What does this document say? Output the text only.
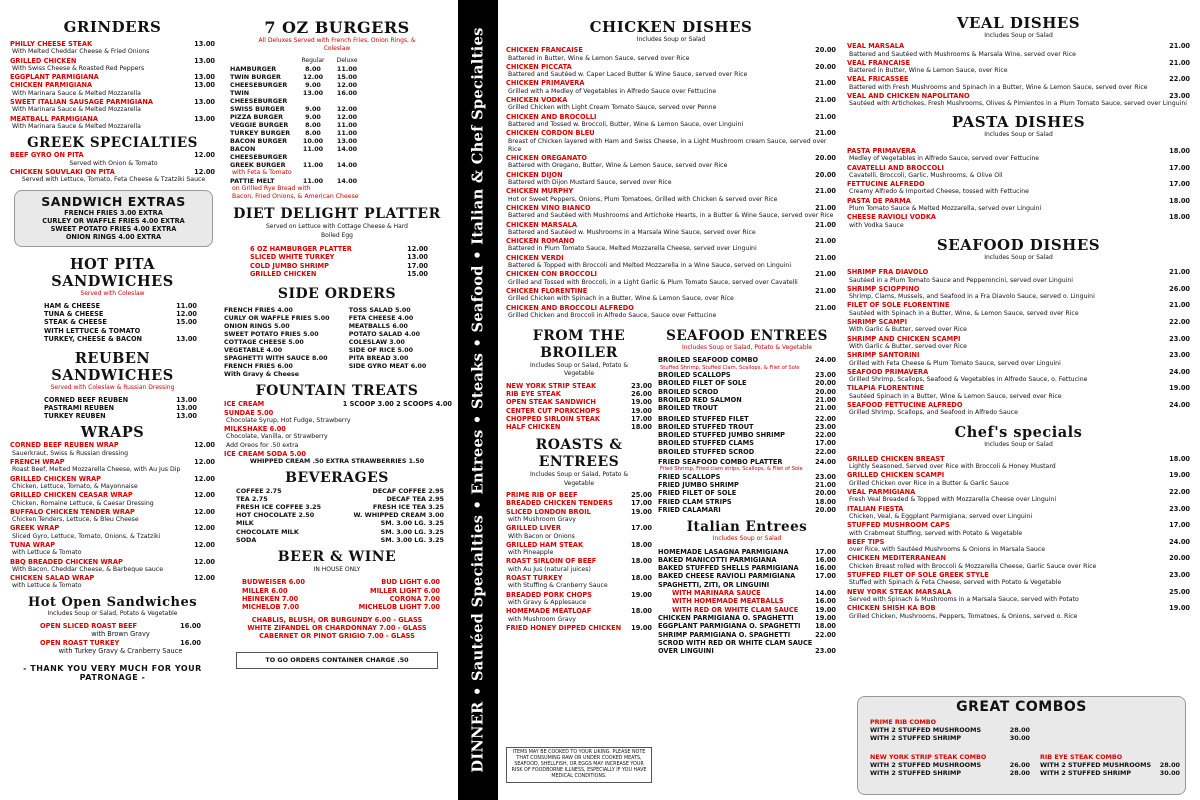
GRINDERS
PHILLY CHEESE STEAK	13.00
With Melted Cheddar Cheese & Fried Onions
GRILLED CHICKEN	13.00
With Swiss Cheese & Roasted Red Peppers
EGGPLANT PARMIGIANA	13.00
CHICKEN PARMIGIANA	13.00
With Marinara Sauce & Melted Mozzarella
SWEET ITALIAN SAUSAGE PARMIGIANA	13.00
With Marinara Sauce & Melted Mozzarella
MEATBALL PARMIGIANA	13.00
With Marinara Sauce & Melted Mozzarella
GREEK SPECIALTIES
BEEF GYRO ON PITA	12.00
Served with Onion & Tomato
CHICKEN SOUVLAKI ON PITA	12.00
Served with Lettuce, Tomato, Feta Cheese & Tzatziki Sauce
SANDWICH EXTRAS
FRENCH FRIES 3.00 EXTRA
CURLEY OR WAFFLE FRIES 4.00 EXTRA
SWEET POTATO FRIES 4.00 EXTRA
ONION RINGS 4.00 EXTRA
HOT PITA
SANDWICHES
Served with Coleslaw
HAM & CHEESE	11.00
TUNA & CHEESE	12.00
STEAK & CHEESE	15.00
WITH LETTUCE & TOMATO
TURKEY, CHEESE & BACON	13.00
REUBEN
SANDWICHES
Served with Coleslaw & Russian Dressing
CORNED BEEF REUBEN	13.00
PASTRAMI REUBEN	13.00
TURKEY REUBEN	13.00
WRAPS
CORNED BEEF REUBEN WRAP	12.00
Sauerkraut, Swiss & Russian dressing
FRENCH WRAP	12.00
Roast Beef, Melted Mozzarella Cheese, with Au Jus Dip
GRILLED CHICKEN WRAP	12.00
Chicken, Lettuce, Tomato, & Mayonnaise
GRILLED CHICKEN CEASAR WRAP	12.00
Chicken, Romaine Lettuce, & Caesar Dressing
BUFFALO CHICKEN TENDER WRAP	12.00
Chicken Tenders, Lettuce, & Bleu Cheese
GREEK WRAP	12.00
Sliced Gyro, Lettuce, Tomato, Onions, & Tzatziki
TUNA WRAP	12.00
with Lettuce & Tomato
BBQ BREADED CHICKEN WRAP	12.00
With Bacon, Cheddar Cheese, & Barbeque sauce
CHICKEN SALAD WRAP	12.00
with Lettuce & Tomato
Hot Open Sandwiches
Includes Soup or Salad, Potato & Vegetable
OPEN SLICED ROAST BEEF	16.00
with Brown Gravy
OPEN ROAST TURKEY	16.00
with Turkey Gravy & Cranberry Sauce
- THANK YOU VERY MUCH FOR YOUR PATRONAGE -
7 OZ BURGERS
All Deluxes Served with French Fries, Onion Rings, & Coleslaw
Regular	Deluxe
HAMBURGER	8.00	11.00
TWIN BURGER	12.00	15.00
CHEESEBURGER	9.00	12.00
TWIN CHEESEBURGER
13.00	16.00
SWISS BURGER	9.00	12.00
PIZZA BURGER	9.00	12.00
VEGGIE BURGER	8.00	11.00
TURKEY BURGER	8.00	11.00
BACON BURGER	10.00	13.00
BACON CHEESEBURGER
11.00	14.00
GREEK BURGER	11.00	14.00
with Feta & Tomato
PATTIE MELT	11.00	14.00
on Grilled Rye Bread with
Bacon, Fried Onions, & American Cheese
DIET DELIGHT PLATTER
Served on Lettuce with Cottage Cheese & Hard Boiled Egg
6 OZ HAMBURGER PLATTER	12.00
SLICED WHITE TURKEY	13.00
COLD JUMBO SHRIMP	17.00
GRILLED CHICKEN	15.00
SIDE ORDERS
FRENCH FRIES 4.00
CURLY OR WAFFLE FRIES 5.00
ONION RINGS 5.00
SWEET POTATO FRIES 5.00
COTTAGE CHEESE 5.00
VEGETABLE 4.00
SPAGHETTI WITH SAUCE 8.00
FRENCH FRIES 6.00
With Gravy & Cheese
TOSS SALAD 5.00
FETA CHEESE 4.00
MEATBALLS 6.00
POTATO SALAD 4.00
COLESLAW 3.00
SIDE OF RICE 5.00
PITA BREAD 3.00
SIDE GYRO MEAT 6.00
FOUNTAIN TREATS
ICE CREAM	1 SCOOP 3.00 2 SCOOPS 4.00
SUNDAE 5.00
Chocolate Syrup, Hot Fudge, Strawberry
MILKSHAKE 6.00
Chocolate, Vanilla, or Strawberry
Add Oreos for .50 extra
ICE CREAM SODA 5.00
WHIPPED CREAM .50 EXTRA STRAWBERRIES 1.50
BEVERAGES
COFFEE 2.75	DECAF COFFEE 2.95
TEA 2.75	DECAF TEA 2.95
FRESH ICE COFFEE 3.25	FRESH ICE TEA 3.25
HOT CHOCOLATE 2.50	W. WHIPPED CREAM 3.00
MILK	SM. 3.00 LG. 3.25
CHOCOLATE MILK	SM. 3.00 LG. 3.25
SODA	SM. 3.00 LG. 3.25
BEER & WINE
IN HOUSE ONLY
BUDWEISER 6.00	BUD LIGHT 6.00
MILLER 6.00	MILLER LIGHT 6.00
HEINEKEN 7.00	CORONA 7.00
MICHELOB 7.00	MICHELOB LIGHT 7.00
CHABLIS, BLUSH, OR BURGUNDY 6.00 - GLASS
WHITE ZIFANDEL OR CHARDONNAY 7.00 - GLASS
CABERNET OR PINOT GRIGIO 7.00 - GLASS
TO GO ORDERS CONTAINER CHARGE .50	DINNER • Sautéed Specialties • Entrees • Steaks • Seafood • Italian & Chef Specialties
CHICKEN DISHES
Includes Soup or Salad
CHICKEN FRANCAISE	20.00
Battered in Butter, Wine & Lemon Sauce, served over Rice
CHICKEN PICCATA	20.00
Battered and Sautéed w. Caper Laced Butter & Wine Sauce, served over Rice
CHICKEN PRIMAVERA	21.00
Grilled with a Medley of Vegetables in Alfredo Sauce over Fettucine
CHICKEN VODKA	21.00
Grilled Chicken with Light Cream Tomato Sauce, served over Penne
CHICKEN AND BROCOLLI	21.00
Battered and Tossed w. Broccoli, Butter, Wine & Lemon Sauce, over Linguini
CHICKEN CORDON BLEU	21.00
Breast of Chicken layered with Ham and Swiss Cheese, in a Light Mushroom cream Sauce, served over Rice
CHICKEN OREGANATO	20.00
Battered with Oregano, Butter, Wine & Lemon Sauce, served over Rice
CHICKEN DIJON	20.00
Battered with Dijon Mustard Sauce, served over Rice
CHICKEN MURPHY	21.00
Hot or Sweet Peppers, Onions, Plum Tomatoes, Grilled with Chicken & served over Rice
CHICKEN VINO BIANCO	21.00
Battered and Sautéed with Mushrooms and Artichoke Hearts, in a Butter & Wine Sauce, served over Rice
CHICKEN MARSALA	21.00
Battered and Sautéed w. Mushrooms in a Marsala Wine Sauce, served over Rice
CHICKEN ROMANO	21.00
Battered in Plum Tomato Sauce, Melted Mozzarella Cheese, served over Linguini
CHICKEN VERDI	21.00
Battered & Topped with Broccoli and Melted Mozzarella in a Wine Sauce, served on Linguini
CHICKEN CON BROCCOLI	21.00
Grilled and Tossed with Broccoli, in a Light Garlic & Plum Tomato Sauce, served over Cavatelli
CHICKEN FLORENTINE	21.00
Grilled Chicken with Spinach in a Butter, Wine & Lemon Sauce, over Rice
CHICKEN AND BROCCOLI ALFREDO	21.00
Grilled Chicken and Broccoli in Alfredo Sauce, Sauce over Fettucine
FROM THE
BROILER
Includes Soup or Salad, Potato & Vegetable
NEW YORK STRIP STEAK	23.00
RIB EYE STEAK	26.00
OPEN STEAK SANDWICH	19.00
CENTER CUT PORKCHOPS	19.00
CHOPPED SIRLOIN STEAK	17.00
HALF CHICKEN	18.00
ROASTS &
ENTREES
Includes Soup or Salad, Potato & Vegetable
PRIME RIB OF BEEF	25.00
BREADED CHICKEN TENDERS	17.00
SLICED LONDON BROIL	19.00
with Mushroom Gravy
GRILLED LIVER	17.00
With Bacon or Onions
GRILLED HAM STEAK	18.00
with Pineapple
ROAST SIRLOIN OF BEEF	18.00
with Au Jus (natural juices)
ROAST TURKEY	18.00
with Stuffing & Cranberry Sauce
BREADED PORK CHOPS	19.00
with Gravy & Applesauce
HOMEMADE MEATLOAF	18.00
with Mushroom Gravy
FRIED HONEY DIPPED CHICKEN 19.00
SEAFOOD ENTREES
Includes Soup or Salad, Potato & Vegetable
BROILED SEAFOOD COMBO	24.00
Stuffed Shrimp, Stuffed Clam, Scallops, & Filet of Sole
BROILED SCALLOPS	23.00
BROILED FILET OF SOLE	20.00
BROILED SCROD	20.00
BROILED RED SALMON	21.00
BROILED TROUT	21.00
BROILED STUFFED FILET	22.00
BROILED STUFFED TROUT	23.00
BROILED STUFFED JUMBO SHRIMP	22.00
BROILED STUFFED CLAMS	17.00
BROILED STUFFED SCROD	22.00
FRIED SEAFOOD COMBO PLATTER	24.00
Fried Shrimp, Fried clam strips, Scallops, & Filet of Sole
FRIED SCALLOPS	23.00
FRIED JUMBO SHRIMP	21.00
FRIED FILET OF SOLE	20.00
FRIED CLAM STRIPS	18.00
FRIED CALAMARI	20.00
Italian Entrees
Includes Soup or Salad
HOMEMADE LASAGNA PARMIGIANA	17.00
BAKED MANICOTTI PARMIGIANA	16.00
BAKED STUFFED SHELLS PARMIGIANA	16.00
BAKED CHEESE RAVIOLI PARMIGIANA	17.00
SPAGHETTI, ZITI, OR LINGUINI
WITH MARINARA SAUCE	14.00
WITH HOMEMADE MEATBALLS	16.00
WITH RED OR WHITE CLAM SAUCE	19.00
CHICKEN PARMIGIANA O. SPAGHETTI	19.00
EGGPLANT PARMIGIANA O. SPAGHETTI 18.00
SHRIMP PARMIGIANA O. SPAGHETTI	22.00
SCROD WITH RED OR WHITE CLAM SAUCE
OVER LINGUINI	23.00
ITEMS MAY BE COOKED TO YOUR LIKING. PLEASE NOTE THAT CONSUMING RAW OR UNDER COOKED MEATS, SEAFOOD, SHELLFISH, OR EGGS MAY INCREASE YOUR RISK OF FOODBORNE ILLNESS, ESPECIALLY IF YOU HAVE MEDICAL CONDITIONS.
VEAL DISHES
Includes Soup or Salad
VEAL MARSALA	21.00
Battered and Sautéed with Mushrooms & Marsala Wine, served over Rice
VEAL FRANCAISE	21.00
Battered in Butter, Wine & Lemon Sauce, over Rice
VEAL FRICASSEE	22.00
Battered with Fresh Mushrooms and Spinach in a Butter, Wine & Lemon Sauce, served over Rice
VEAL AND CHICKEN NAPOLITANO	23.00
Sautéed with Artichokes, Fresh Mushrooms, Olives & Pimientos in a Plum Tomato Sauce, served over Linguini
PASTA DISHES
Includes Soup or Salad
PASTA PRIMAVERA	18.00
Medley of Vegetables in Alfredo Sauce, served over Fettucine
CAVATELLI AND BROCCOLI	17.00
Cavatelli, Broccoli, Garlic, Mushrooms, & Olive Oil
FETTUCINE ALFREDO	17.00
Creamy Alfredo & Imported Cheese, tossed with Fettucine
PASTA DE PARMA	18.00
Plum Tomato Sauce & Melted Mozzarella, served over Linguini
CHEESE RAVIOLI VODKA	18.00
with Vodka Sauce
SEAFOOD DISHES
Includes Soup or Salad
SHRIMP FRA DIAVOLO	21.00
Sautéed in a Plum Tomato Sauce and Pepperoncini, served over Linguini
SHRIMP SCIOPPINO	26.00
Shrimp, Clams, Mussels, and Seafood in a Fra Diavolo Sauce, served o. Linguini
FILET OF SOLE FLORENTINE	21.00
Sautéed with Spinach in a Butter, Wine, & Lemon Sauce, served over Rice
SHRIMP SCAMPI	22.00
With Garlic & Butter, served over Rice
SHRIMP AND CHICKEN SCAMPI	23.00
With Garlic & Butter, served over Rice
SHRIMP SANTORINI	23.00
Grilled with Feta Cheese & Plum Tomato Sauce, served over Linguini
SEAFOOD PRIMAVERA	24.00
Grilled Shrimp, Scallops, Seafood & Vegetables in Alfredo Sauce, o. Fettucine
TILAPIA FLORENTINE	19.00
Sautéed Spinach in a Butter, Wine & Lemon Sauce, served over Rice
SEAFOOD FETTUCINE ALFREDO	24.00
Grilled Shrimp, Scallops, and Seafood in Alfredo Sauce
Chef's specials
Includes Soup or Salad
GRILLED CHICKEN BREAST	18.00
Lightly Seasoned, Served over Rice with Broccoli & Honey Mustard
GRILLED CHICKEN SCAMPI	19.00
Grilled Chicken over Rice in a Butter & Garlic Sauce
VEAL PARMIGIANA	22.00
Fresh Veal Breaded & Topped with Mozzarella Cheese over Linguini
ITALIAN FIESTA	23.00
Chicken, Veal, & Eggplant Parmigiana, served over Linguini
STUFFED MUSHROOM CAPS	17.00
with Crabmeat Stuffing, served with Potato & Vegetable
BEEF TIPS	24.00
over Rice, with Sautéed Mushrooms & Onions in Marsala Sauce
CHICKEN MEDITERRANEAN	20.00
Chicken Breast rolled with Broccoli & Mozzarella Cheese, Garlic Sauce over Rice
STUFFED FILET OF SOLE GREEK STYLE	23.00
Stuffed with Spinach & Feta Cheese, served with Potato & Vegetable
NEW YORK STEAK MARSALA	25.00
Served with Spinach & Mushrooms in a Marsala Sauce, served with Potato
CHICKEN SHISH KA BOB	19.00
Grilled Chicken, Mushrooms, Peppers, Tomatoes, & Onions, served o. Rice
GREAT COMBOS
PRIME RIB COMBO
WITH 2 STUFFED MUSHROOMS	28.00
WITH 2 STUFFED SHRIMP	30.00
NEW YORK STRIP STEAK COMBO
WITH 2 STUFFED MUSHROOMS	26.00
WITH 2 STUFFED SHRIMP	28.00
RIB EYE STEAK COMBO
WITH 2 STUFFED MUSHROOMS 28.00
WITH 2 STUFFED SHRIMP	30.00
